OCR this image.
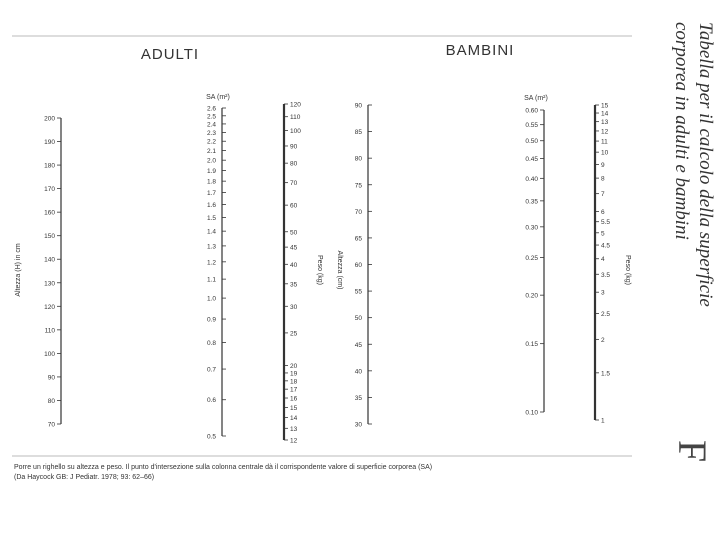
ADULTI	BAMBINI
200
190
180
170
160
150
140
130
120
110
100
90
80
70
Altezza (H) in cm
2.6
2.5
2.4
2.3
2.2
2.1
2.0
1.9
1.8
1.7
1.6
1.5
1.4
1.3
1.2
1.1
1.0
0.9
0.8
0.7
0.6
0.5
SA (m²)
120
110
100
90
80
70
60
50
45
40
35
30
25
20
19
18
17
16
15
14
13
12
Peso (kg)
90
85
80
75
70
65
60
55
50
45
40
35
30
Altezza (cm)
0.60
0.55
0.50
0.45
0.40
0.35
0.30
0.25
0.20
0.15
0.10
SA (m²)
15
14
13
12
11
10
9
8
7
6
5.5
5
4.5
4
3.5
3
2.5
2
1.5
1
Peso (kg)	Tabella per il calcolo della superficie
corporea in adulti e bambini
F
Porre un righello su altezza e peso. Il punto d'intersezione sulla colonna centrale dà il corrispondente valore di superficie corporea (SA)
(Da Haycock GB: J Pediatr. 1978; 93: 62–66)
